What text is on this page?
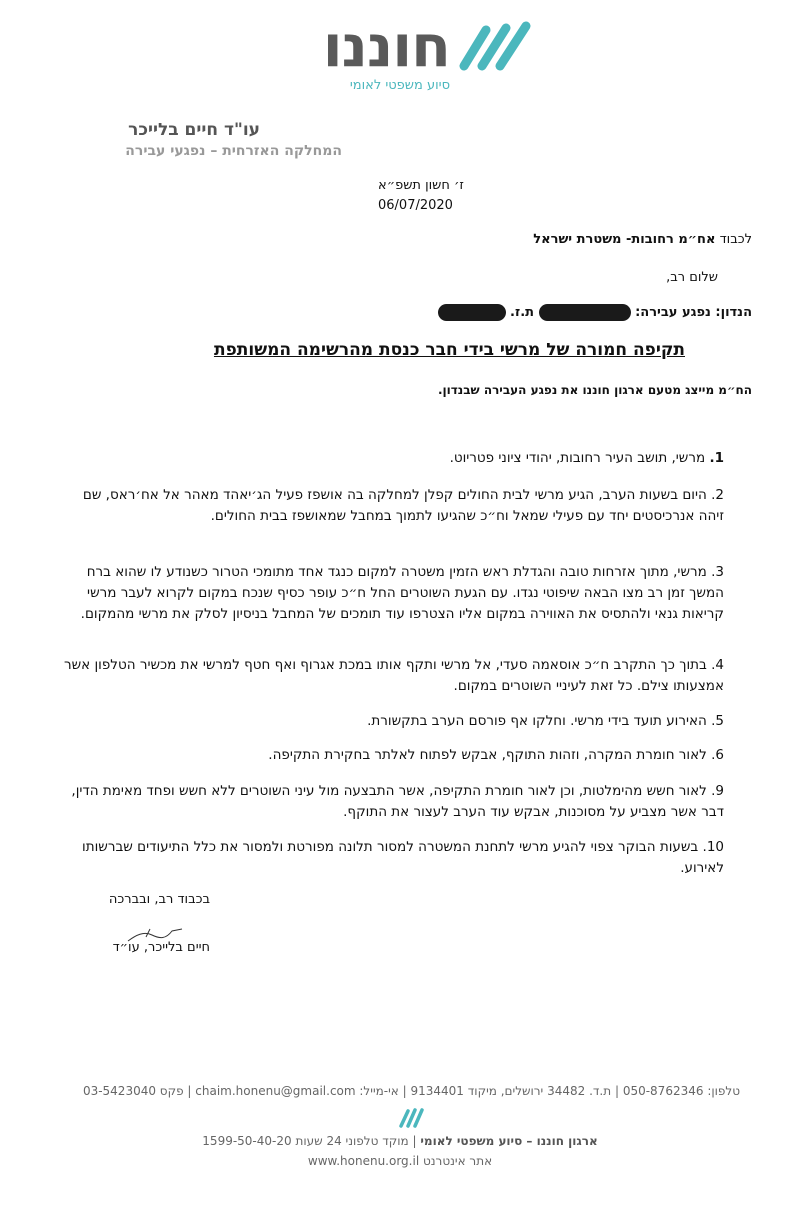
חוננו
סיוע משפטי לאומי
עו"ד חיים בלייכר
המחלקה האזרחית – נפגעי עבירה
ז׳ חשון תשפ״א
06/07/2020
לכבוד אח״מ רחובות- משטרת ישראל
שלום רב,
הנדון: נפגע עבירה:  ת.ז.
תקיפה חמורה של מרשי בידי חבר כנסת מהרשימה המשותפת
הח״מ מייצג מטעם ארגון חוננו את נפגע העבירה שבנדון.
1. מרשי, תושב העיר רחובות, יהודי ציוני פטריוט.
2. היום בשעות הערב, הגיע מרשי לבית החולים קפלן למחלקה בה אושפז פעיל הג׳יאהד מאהר אל אח׳ראס, שם זיהה אנרכיסטים יחד עם פעילי שמאל וח״כ שהגיעו לתמוך במחבל שמאושפז בבית החולים.
3. מרשי, מתוך אזרחות טובה והגדלת ראש הזמין משטרה למקום כנגד אחד מתומכי הטרור כשנודע לו שהוא ברח המשך זמן רב מצו הבאה שיפוטי נגדו. עם הגעת השוטרים החל ח״כ עופר כסיף שנכח במקום לקרוא לעבר מרשי קריאות גנאי ולהתסיס את האווירה במקום אליו הצטרפו עוד תומכים של המחבל בניסיון לסלק את מרשי מהמקום.
4. בתוך כך התקרב ח״כ אוסאמה סעדי, אל מרשי ותקף אותו במכת אגרוף ואף חטף למרשי את מכשיר הטלפון אשר אמצעותו צילם. כל זאת לעיניי השוטרים במקום.
5. האירוע תועד בידי מרשי. וחלקו אף פורסם הערב בתקשורת.
6. לאור חומרת המקרה, וזהות התוקף, אבקש לפתוח לאלתר בחקירת התקיפה.
9. לאור חשש מהימלטות, וכן לאור חומרת התקיפה, אשר התבצעה מול עיני השוטרים ללא חשש ופחד מאימת הדין, דבר אשר מצביע על מסוכנות, אבקש עוד הערב לעצור את התוקף.
10. בשעות הבוקר צפוי להגיע מרשי לתחנת המשטרה למסור תלונה מפורטת ולמסור את כלל התיעודים שברשותו לאירוע.
בכבוד רב, ובברכה
חיים בלייכר, עו״ד
טלפון: 050-8762346 | ת.ד. 34482 ירושלים, מיקוד 9134401 | אי-מייל: chaim.honenu@gmail.com | פקס 03-5423040
ארגון חוננו – סיוע משפטי לאומי | מוקד טלפוני 24 שעות 1599-50-40-20
אתר אינטרנט www.honenu.org.il
